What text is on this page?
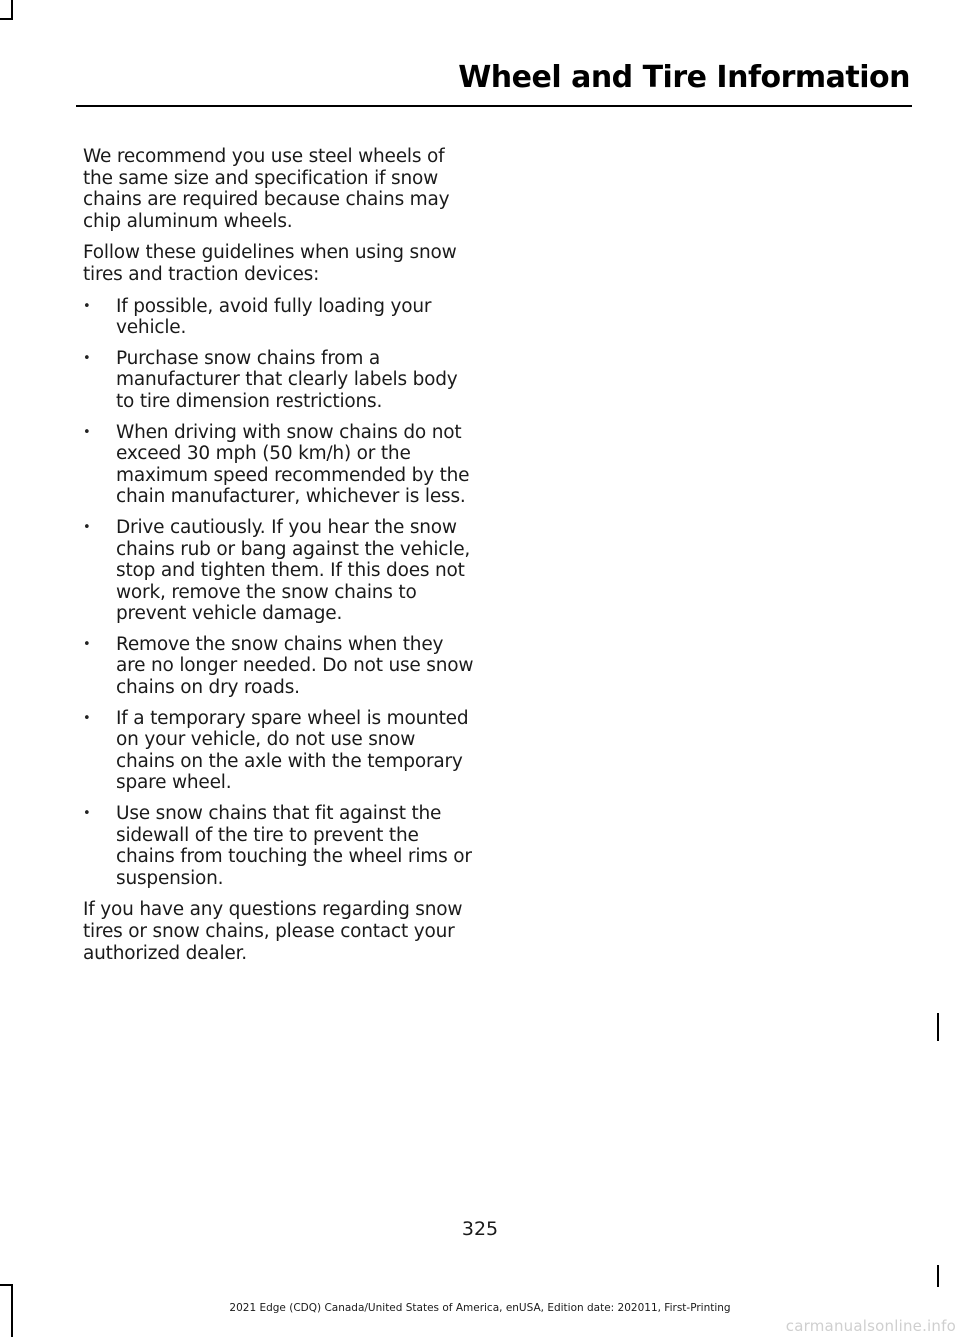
Wheel and Tire Information

We recommend you use steel wheels of the same size and specification if snow chains are required because chains may chip aluminum wheels.

Follow these guidelines when using snow tires and traction devices:

• If possible, avoid fully loading your vehicle.
• Purchase snow chains from a manufacturer that clearly labels body to tire dimension restrictions.
• When driving with snow chains do not exceed 30 mph (50 km/h) or the maximum speed recommended by the chain manufacturer, whichever is less.
• Drive cautiously. If you hear the snow chains rub or bang against the vehicle, stop and tighten them. If this does not work, remove the snow chains to prevent vehicle damage.
• Remove the snow chains when they are no longer needed. Do not use snow chains on dry roads.
• If a temporary spare wheel is mounted on your vehicle, do not use snow chains on the axle with the temporary spare wheel.
• Use snow chains that fit against the sidewall of the tire to prevent the chains from touching the wheel rims or suspension.

If you have any questions regarding snow tires or snow chains, please contact your authorized dealer.

325
2021 Edge (CDQ) Canada/United States of America, enUSA, Edition date: 202011, First-Printing
carmanualsonline.info
